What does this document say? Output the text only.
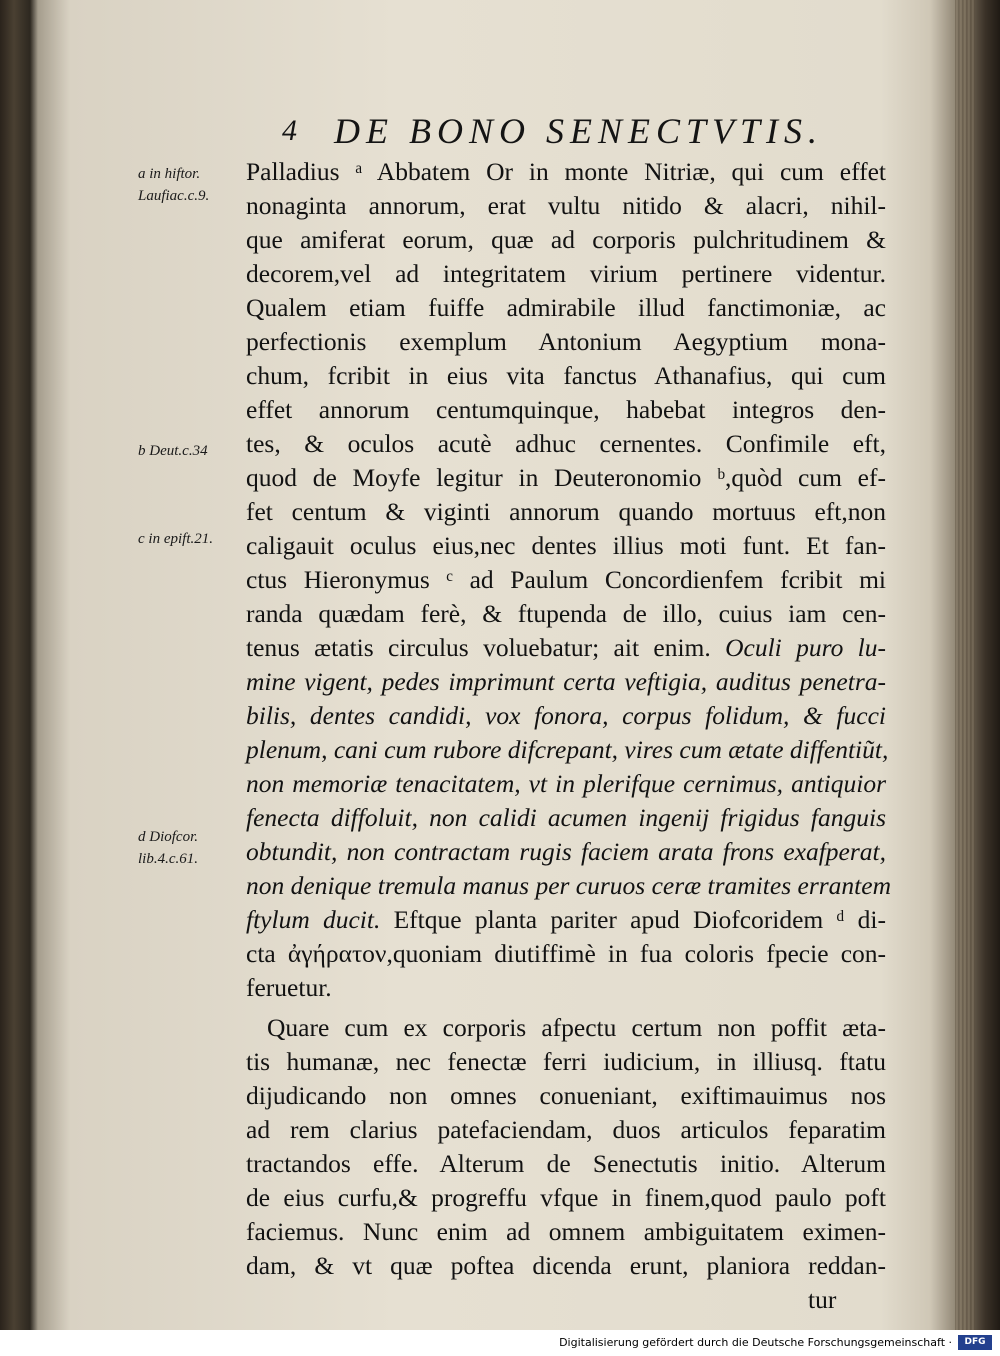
4 DE BONO SENECTVTIS.
a in hiftor.
Laufiac.c.9.
b Deut.c.34
c in epift.21.
d Diofcor.
lib.4.c.61.
Palladius ᵃ Abbatem Or in monte Nitriæ, qui cum effet
nonaginta annorum, erat vultu nitido & alacri, nihil-
que amiferat eorum, quæ ad corporis pulchritudinem &
decorem,vel ad integritatem virium pertinere videntur.
Qualem etiam fuiffe admirabile illud fanctimoniæ, ac
perfectionis exemplum Antonium Aegyptium mona-
chum, fcribit in eius vita fanctus Athanafius, qui cum
effet annorum centumquinque, habebat integros den-
tes, & oculos acutè adhuc cernentes. Confimile eft,
quod de Moyfe legitur in Deuteronomio ᵇ,quòd cum ef-
fet centum & viginti annorum quando mortuus eft,non
caligauit oculus eius,nec dentes illius moti funt. Et fan-
ctus Hieronymus ᶜ ad Paulum Concordienfem fcribit mi
randa quædam ferè, & ftupenda de illo, cuius iam cen-
tenus ætatis circulus voluebatur; ait enim. Oculi puro lu-
mine vigent, pedes imprimunt certa veftigia, auditus penetra-
bilis, dentes candidi, vox fonora, corpus folidum, & fucci
plenum, cani cum rubore difcrepant, vires cum ætate diffentiũt,
non memoriæ tenacitatem, vt in plerifque cernimus, antiquior
fenecta diffoluit, non calidi acumen ingenij frigidus fanguis
obtundit, non contractam rugis faciem arata frons exafperat,
non denique tremula manus per curuos ceræ tramites errantem
ftylum ducit. Eftque planta pariter apud Diofcoridem ᵈ di-
cta ἀγήρατον,quoniam diutiffimè in fua coloris fpecie con-
feruetur.
Quare cum ex corporis afpectu certum non poffit æta-
tis humanæ, nec fenectæ ferri iudicium, in illiusq. ftatu
dijudicando non omnes conueniant, exiftimauimus nos
ad rem clarius patefaciendam, duos articulos feparatim
tractandos effe. Alterum de Senectutis initio. Alterum
de eius curfu,& progreffu vfque in finem,quod paulo poft
faciemus. Nunc enim ad omnem ambiguitatem eximen-
dam, & vt quæ poftea dicenda erunt, planiora reddan-
tur
Digitalisierung gefördert durch die Deutsche Forschungsgemeinschaft ·	DFG
